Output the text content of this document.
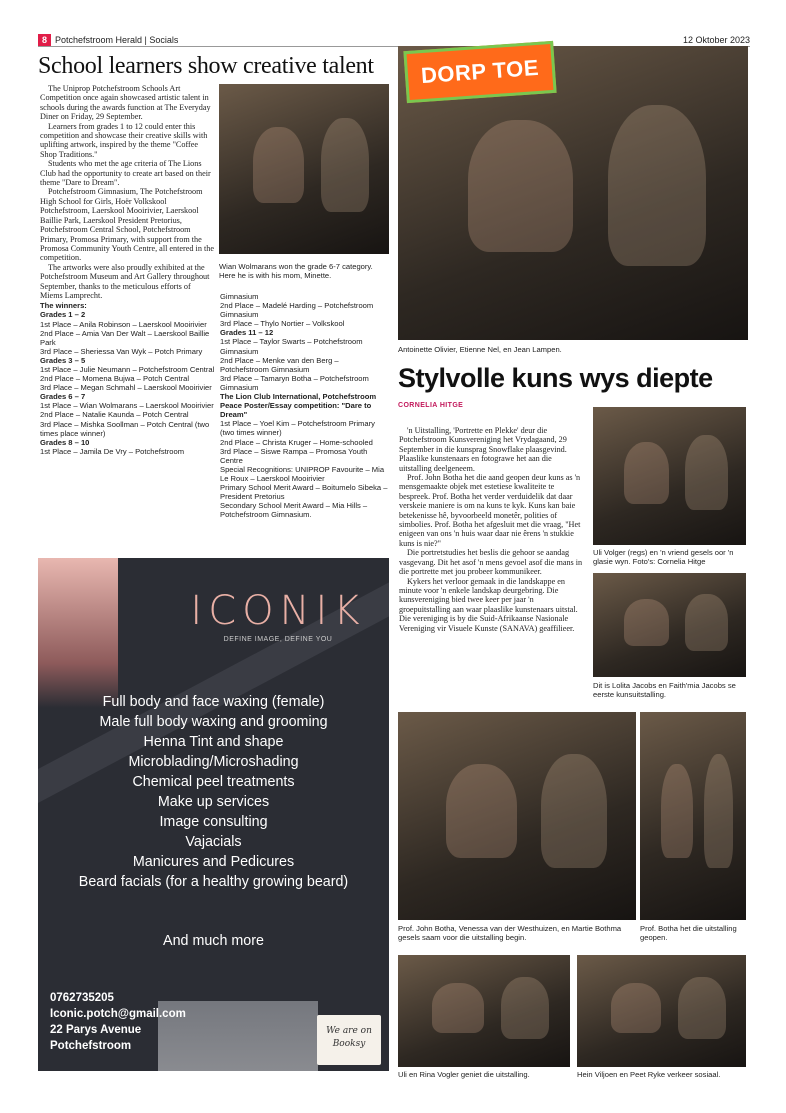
8 Potchefstroom Herald | Socials	12 Oktober 2023
School learners show creative talent

The Uniprop Potchefstroom Schools Art Competition once again showcased artistic talent in schools during the awards function at The Everyday Diner on Friday, 29 September.

Learners from grades 1 to 12 could enter this competition and showcase their creative skills with uplifting artwork, inspired by the theme "Coffee Shop Traditions."

Students who met the age criteria of The Lions Club had the opportunity to create art based on their theme "Dare to Dream".

Potchefstroom Gimnasium, The Potchefstroom High School for Girls, Hoër Volkskool Potchefstroom, Laerskool Mooirivier, Laerskool Baillie Park, Laerskool President Pretorius, Potchefstroom Central School, Potchefstroom Primary, Promosa Primary, with support from the Promosa Community Youth Centre, all entered in the competition.

The artworks were also proudly exhibited at the Potchefstroom Museum and Art Gallery throughout September, thanks to the meticulous efforts of Miems Lamprecht.

The winners:
Grades 1 – 2
1st Place – Anila Robinson – Laerskool Mooirivier
2nd Place – Amia Van Der Walt – Laerskool Baillie Park
3rd Place – Sheriessa Van Wyk – Potch Primary
Grades 3 – 5
1st Place – Julie Neumann – Potchefstroom Central
2nd Place – Momena Bujwa – Potch Central
3rd Place – Megan Schmahl – Laerskool Mooirivier
Grades 6 – 7
1st Place – Wian Wolmarans – Laerskool Mooirivier
2nd Place – Natalie Kaunda – Potch Central
3rd Place – Mishka Soollman – Potch Central (two times place winner)
Grades 8 – 10
1st Place – Jamila De Vry – Potchefstroom
Wian Wolmarans won the grade 6-7 category. Here he is with his mom, Minette.
Gimnasium
2nd Place – Madelé Harding – Potchefstroom Gimnasium
3rd Place – Thylo Nortier – Volkskool
Grades 11 – 12
1st Place – Taylor Swarts – Potchefstroom Gimnasium
2nd Place – Menke van den Berg – Potchefstroom Gimnasium
3rd Place – Tamaryn Botha – Potchefstroom Gimnasium
The Lion Club International, Potchefstroom Peace Poster/Essay competition: "Dare to Dream"
1st Place – Yoel Kim – Potchefstroom Primary (two times winner)
2nd Place – Christa Kruger – Home-schooled
3rd Place – Siswe Rampa – Promosa Youth Centre
Special Recognitions: UNIPROP Favourite – Mia Le Roux – Laerskool Mooirivier
Primary School Merit Award – Boitumelo Sibeka – President Pretorius
Secondary School Merit Award – Mia Hills – Potchefstroom Gimnasium.
ICONIK
DEFINE IMAGE, DEFINE YOU
Full body and face waxing (female)
Male full body waxing and grooming
Henna Tint and shape
Microblading/Microshading
Chemical peel treatments
Make up services
Image consulting
Vajacials
Manicures and Pedicures
Beard facials (for a healthy growing beard)
And much more
0762735205
Iconic.potch@gmail.com
22 Parys Avenue
Potchefstroom
We are on
Booksy
DORP TOE
Antoinette Olivier, Etienne Nel, en Jean Lampen.
Stylvolle kuns wys diepte
CORNELIA HITGE

'n Uitstalling, 'Portrette en Plekke' deur die Potchefstroom Kunsvereniging het Vrydagaand, 29 September in die kunsprag Snowflake plaasgevind. Plaaslike kunstenaars en fotograwe het aan die uitstalling deelgeneem.

Prof. John Botha het die aand geopen deur kuns as 'n mensgemaakte objek met estetiese kwaliteite te bespreek. Prof. Botha het verder verduidelik dat daar verskeie maniere is om na kuns te kyk. Kuns kan baie betekenisse hê, byvoorbeeld monetêr, polities of simbolies. Prof. Botha het afgesluit met die vraag, "Het enigeen van ons 'n huis waar daar nie êrens 'n stukkie kuns is nie?"

Die portretstudies het beslis die gehoor se aandag vasgevang. Dit het asof 'n mens gevoel asof die mans in die portrette met jou probeer kommunikeer.

Kykers het verloor gemaak in die landskappe en minute voor 'n enkele landskap deurgebring. Die kunsvereniging bied twee keer per jaar 'n groepuitstalling aan waar plaaslike kunstenaars uitstal. Die vereniging is by die Suid-Afrikaanse Nasionale Vereniging vir Visuele Kunste (SANAVA) geaffilieer.

Uli Volger (regs) en 'n vriend gesels oor 'n glasie wyn. Foto's: Cornelia Hitge
Dit is Lolita Jacobs en Faith'mia Jacobs se eerste kunsuitstalling.
Prof. John Botha, Venessa van der Westhuizen, en Martie Bothma gesels saam voor die uitstalling begin.
Prof. Botha het die uitstalling geopen.
Uli en Rina Vogler geniet die uitstalling.	Hein Viljoen en Peet Ryke verkeer sosiaal.
